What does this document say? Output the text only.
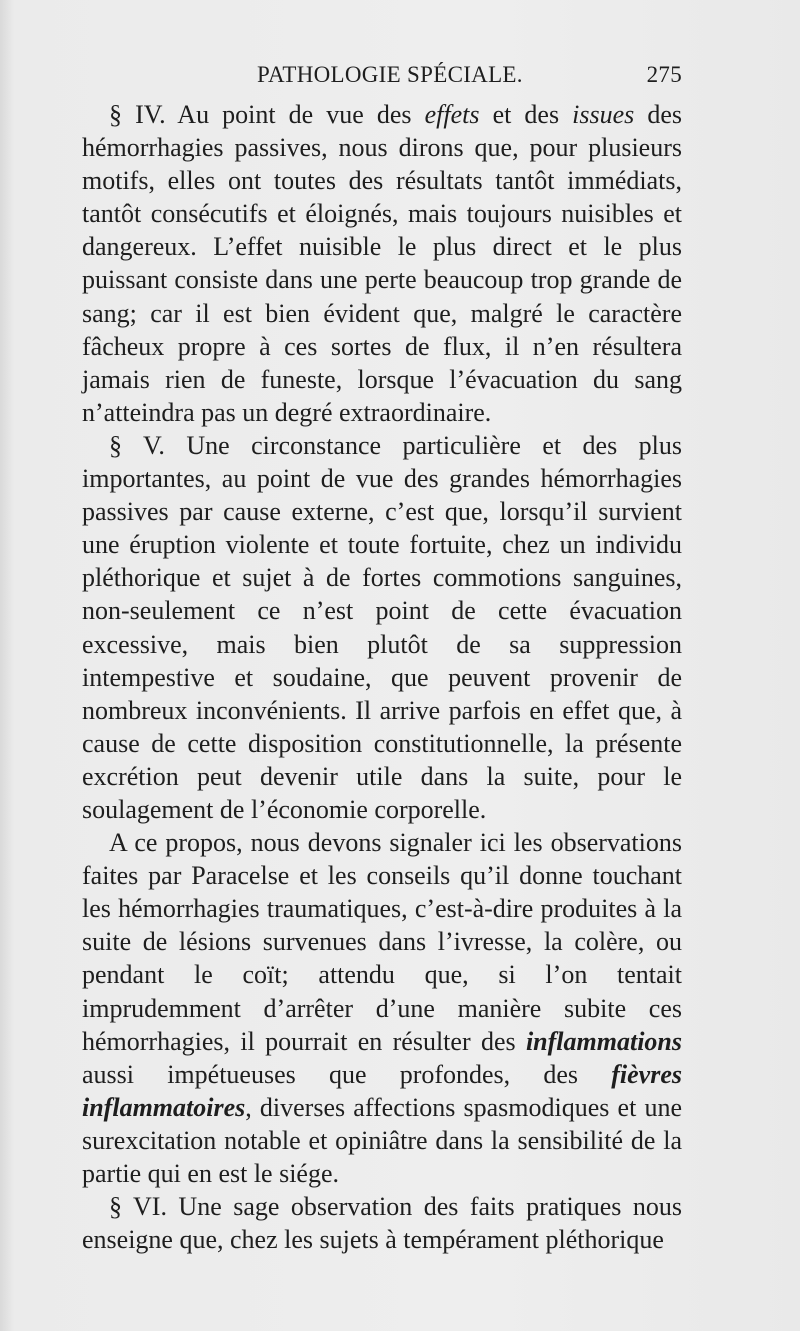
PATHOLOGIE SPÉCIALE.	275

§ IV. Au point de vue des effets et des issues des hémorrhagies passives, nous dirons que, pour plusieurs motifs, elles ont toutes des résultats tantôt immédiats, tantôt consécutifs et éloignés, mais toujours nuisibles et dangereux. L’effet nuisible le plus direct et le plus puissant consiste dans une perte beaucoup trop grande de sang; car il est bien évident que, malgré le caractère fâcheux propre à ces sortes de flux, il n’en résultera jamais rien de funeste, lorsque l’évacuation du sang n’atteindra pas un degré extraordinaire.

§ V. Une circonstance particulière et des plus importantes, au point de vue des grandes hémorrhagies passives par cause externe, c’est que, lorsqu’il survient une éruption violente et toute fortuite, chez un individu pléthorique et sujet à de fortes commotions sanguines, non-seulement ce n’est point de cette évacuation excessive, mais bien plutôt de sa suppression intempestive et soudaine, que peuvent provenir de nombreux inconvénients. Il arrive parfois en effet que, à cause de cette disposition constitutionnelle, la présente excrétion peut devenir utile dans la suite, pour le soulagement de l’économie corporelle.

A ce propos, nous devons signaler ici les observations faites par Paracelse et les conseils qu’il donne touchant les hémorrhagies traumatiques, c’est-à-dire produites à la suite de lésions survenues dans l’ivresse, la colère, ou pendant le coït; attendu que, si l’on tentait imprudemment d’arrêter d’une manière subite ces hémorrhagies, il pourrait en résulter des inflammations aussi impétueuses que profondes, des fièvres inflammatoires, diverses affections spasmodiques et une surexcitation notable et opiniâtre dans la sensibilité de la partie qui en est le siége.

§ VI. Une sage observation des faits pratiques nous enseigne que, chez les sujets à tempérament pléthorique
